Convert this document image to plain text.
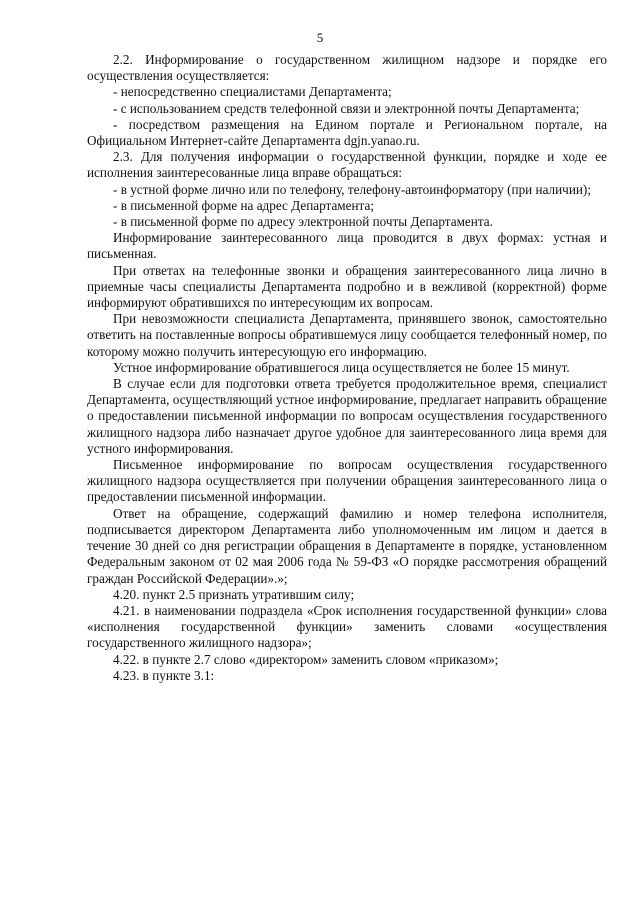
5

2.2. Информирование о государственном жилищном надзоре и порядке его осуществления осуществляется:

- непосредственно специалистами Департамента;

- с использованием средств телефонной связи и электронной почты Департамента;

- посредством размещения на Едином портале и Региональном портале, на Официальном Интернет-сайте Департамента dgjn.yanao.ru.

2.3. Для получения информации о государственной функции, порядке и ходе ее исполнения заинтересованные лица вправе обращаться:

- в устной форме лично или по телефону, телефону-автоинформатору (при наличии);

- в письменной форме на адрес Департамента;

- в письменной форме по адресу электронной почты Департамента.

Информирование заинтересованного лица проводится в двух формах: устная и письменная.

При ответах на телефонные звонки и обращения заинтересованного лица лично в приемные часы специалисты Департамента подробно и в вежливой (корректной) форме информируют обратившихся по интересующим их вопросам.

При невозможности специалиста Департамента, принявшего звонок, самостоятельно ответить на поставленные вопросы обратившемуся лицу сообщается телефонный номер, по которому можно получить интересующую его информацию.

Устное информирование обратившегося лица осуществляется не более 15 минут.

В случае если для подготовки ответа требуется продолжительное время, специалист Департамента, осуществляющий устное информирование, предлагает направить обращение о предоставлении письменной информации по вопросам осуществления государственного жилищного надзора либо назначает другое удобное для заинтересованного лица время для устного информирования.

Письменное информирование по вопросам осуществления государственного жилищного надзора осуществляется при получении обращения заинтересованного лица о предоставлении письменной информации.

Ответ на обращение, содержащий фамилию и номер телефона исполнителя, подписывается директором Департамента либо уполномоченным им лицом и дается в течение 30 дней со дня регистрации обращения в Департаменте в порядке, установленном Федеральным законом от 02 мая 2006 года № 59-ФЗ «О порядке рассмотрения обращений граждан Российской Федерации».»;

4.20. пункт 2.5 признать утратившим силу;

4.21. в наименовании подраздела «Срок исполнения государственной функции» слова «исполнения государственной функции» заменить словами «осуществления государственного жилищного надзора»;

4.22. в пункте 2.7 слово «директором» заменить словом «приказом»;

4.23. в пункте 3.1:
